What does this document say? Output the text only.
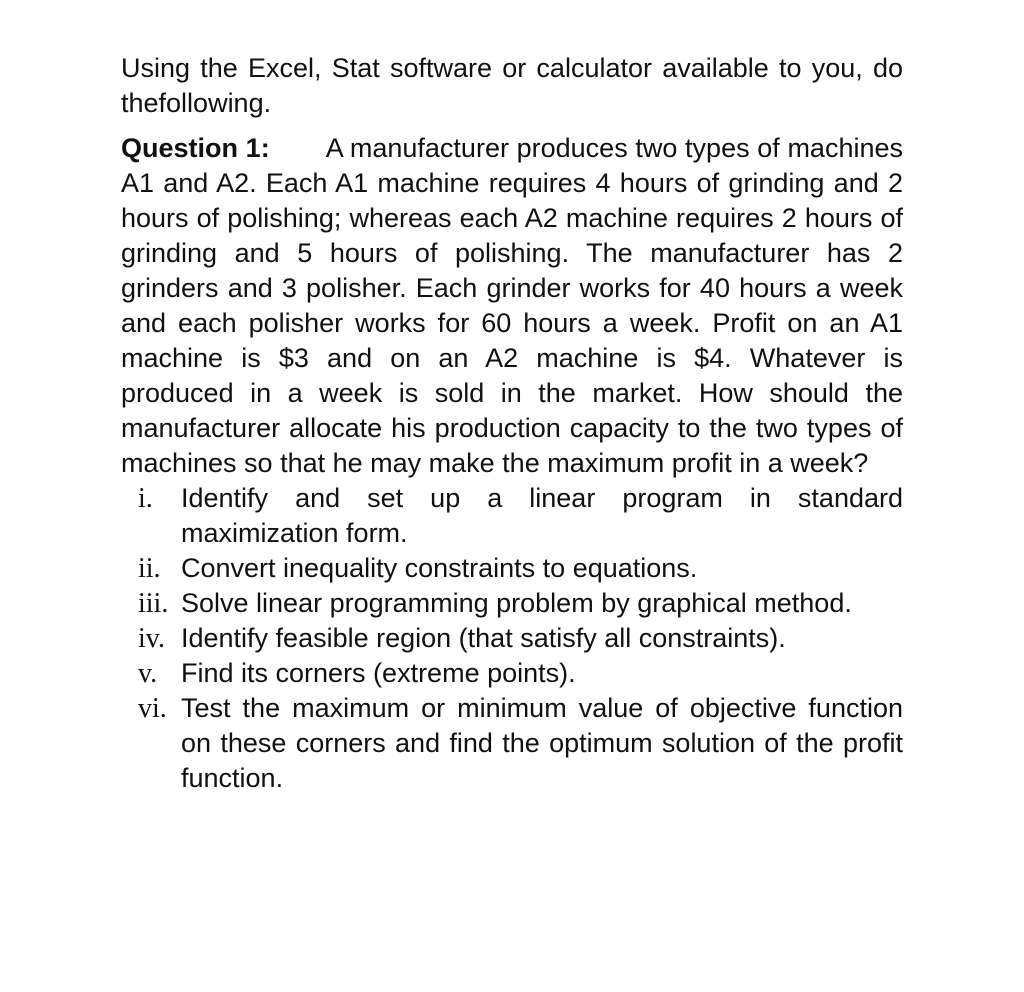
Using the Excel, Stat software or calculator available to you, do thefollowing.

Question 1: A manufacturer produces two types of machines A1 and A2. Each A1 machine requires 4 hours of grinding and 2 hours of polishing; whereas each A2 machine requires 2 hours of grinding and 5 hours of polishing. The manufacturer has 2 grinders and 3 polisher. Each grinder works for 40 hours a week and each polisher works for 60 hours a week. Profit on an A1 machine is $3 and on an A2 machine is $4. Whatever is produced in a week is sold in the market. How should the manufacturer allocate his production capacity to the two types of machines so that he may make the maximum profit in a week?

i. Identify and set up a linear program in standard maximization form.
ii. Convert inequality constraints to equations.
iii. Solve linear programming problem by graphical method.
iv. Identify feasible region (that satisfy all constraints).
v. Find its corners (extreme points).
vi. Test the maximum or minimum value of objective function on these corners and find the optimum solution of the profit function.
